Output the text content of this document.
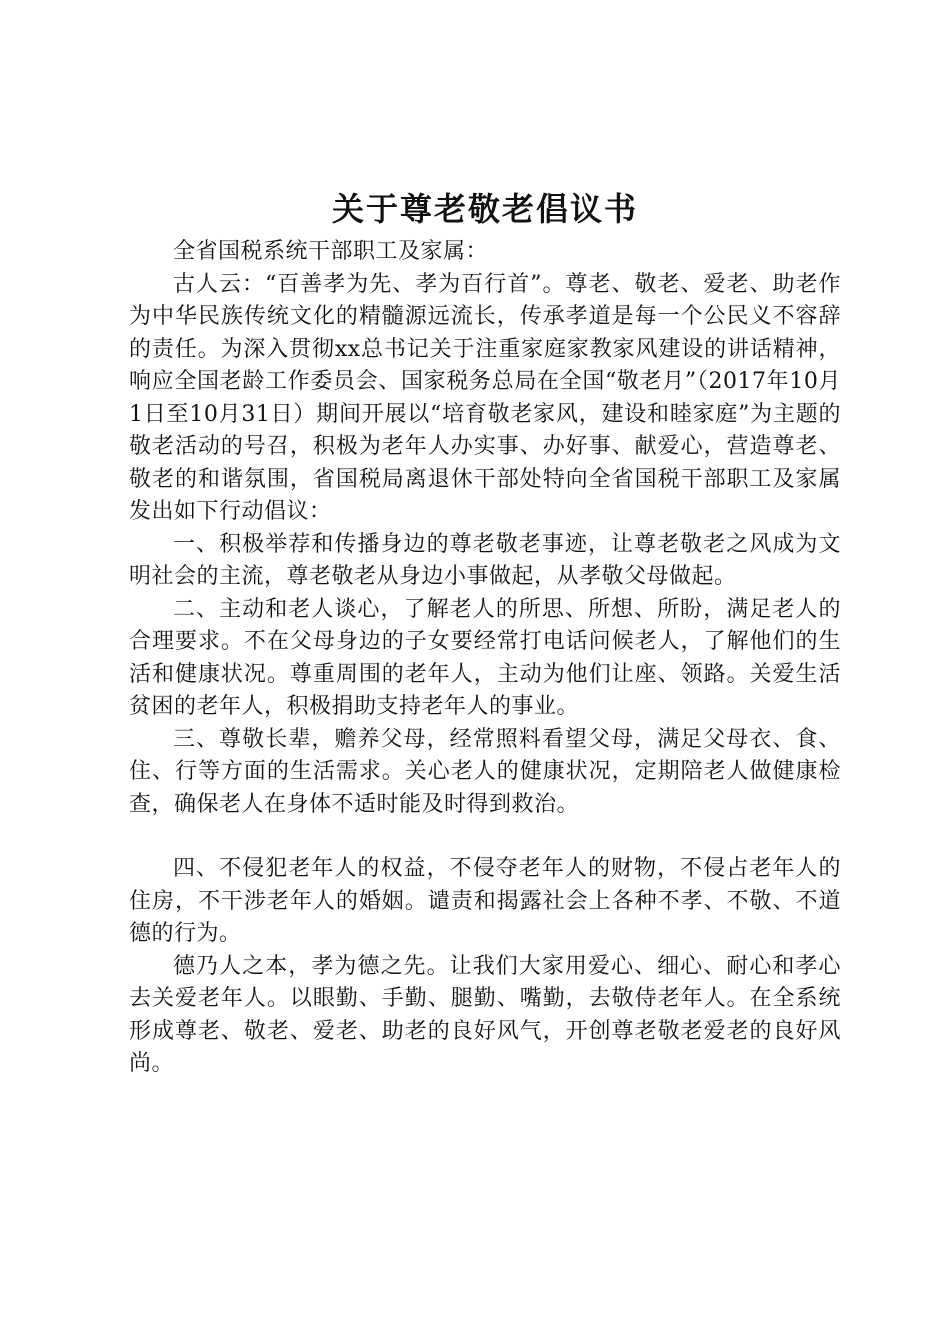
关于尊老敬老倡议书

全省国税系统干部职工及家属：

古人云：“百善孝为先、孝为百行首”。尊老、敬老、爱老、助老作为中华民族传统文化的精髓源远流长，传承孝道是每一个公民义不容辞的责任。为深入贯彻xx总书记关于注重家庭家教家风建设的讲话精神，响应全国老龄工作委员会、国家税务总局在全国“敬老月”（2017年10月1日至10月31日）期间开展以“培育敬老家风，建设和睦家庭”为主题的敬老活动的号召，积极为老年人办实事、办好事、献爱心，营造尊老、敬老的和谐氛围，省国税局离退休干部处特向全省国税干部职工及家属发出如下行动倡议：

一、积极举荐和传播身边的尊老敬老事迹，让尊老敬老之风成为文明社会的主流，尊老敬老从身边小事做起，从孝敬父母做起。

二、主动和老人谈心，了解老人的所思、所想、所盼，满足老人的合理要求。不在父母身边的子女要经常打电话问候老人，了解他们的生活和健康状况。尊重周围的老年人，主动为他们让座、领路。关爱生活贫困的老年人，积极捐助支持老年人的事业。

三、尊敬长辈，赡养父母，经常照料看望父母，满足父母衣、食、住、行等方面的生活需求。关心老人的健康状况，定期陪老人做健康检查，确保老人在身体不适时能及时得到救治。

四、不侵犯老年人的权益，不侵夺老年人的财物，不侵占老年人的住房，不干涉老年人的婚姻。谴责和揭露社会上各种不孝、不敬、不道德的行为。

德乃人之本，孝为德之先。让我们大家用爱心、细心、耐心和孝心去关爱老年人。以眼勤、手勤、腿勤、嘴勤，去敬侍老年人。在全系统形成尊老、敬老、爱老、助老的良好风气，开创尊老敬老爱老的良好风尚。
